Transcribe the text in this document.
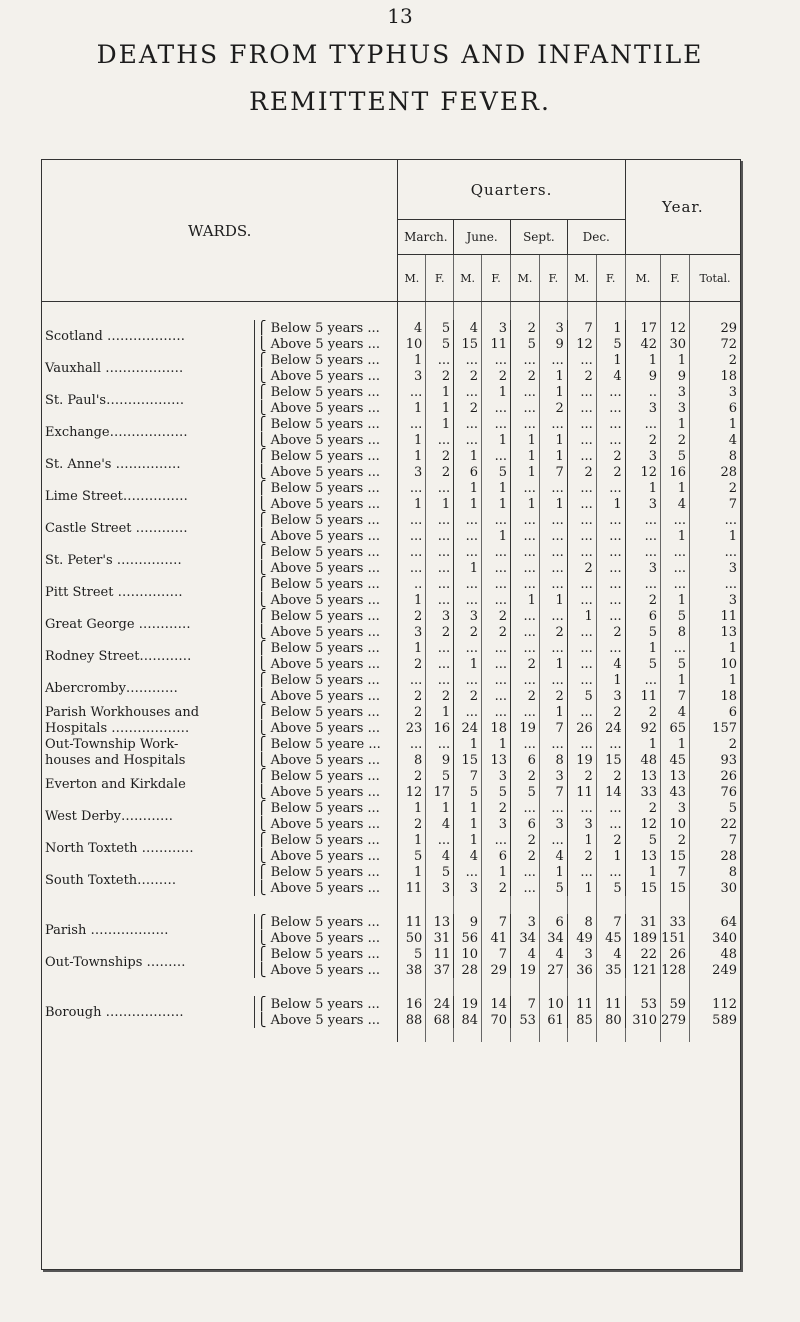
13
DEATHS FROM TYPHUS AND INFANTILE
REMITTENT FEVER.
WARDS.		Quarters.								Year.		
		March.		June.		Sept.		Dec.				
		M.	F.	M.	F.	M.	F.	M.	F.	M.	F.	Total.

Scotland ………………	⎧ Below 5 years ...	4	5	4	3	2	3	7	1	17	12	29
	⎩ Above 5 years ...	10	5	15	11	5	9	12	5	42	30	72
Vauxhall ………………	⎧ Below 5 years ...	1	...	...	...	...	...	...	1	1	1	2
	⎩ Above 5 years ...	3	2	2	2	2	1	2	4	9	9	18
St. Paul's………………	⎧ Below 5 years ...	...	1	...	1	...	1	...	...	..	3	3
	⎩ Above 5 years ...	1	1	2	...	...	2	...	...	3	3	6
Exchange………………	⎧ Below 5 years ...	...	1	...	...	...	...	...	...	...	1	1
	⎩ Above 5 years ...	1	...	...	1	1	1	...	...	2	2	4
St. Anne's ……………	⎧ Below 5 years ...	1	2	1	...	1	1	...	2	3	5	8
	⎩ Above 5 years ...	3	2	6	5	1	7	2	2	12	16	28
Lime Street……………	⎧ Below 5 years ...	...	...	1	1	...	...	...	...	1	1	2
	⎩ Above 5 years ...	1	1	1	1	1	1	...	1	3	4	7
Castle Street …………	⎧ Below 5 years ...	...	...	...	...	...	...	...	...	...	...	...
	⎩ Above 5 years ...	...	...	...	1	...	...	...	...	...	1	1
St. Peter's ……………	⎧ Below 5 years ...	...	...	...	...	...	...	...	...	...	...	...
	⎩ Above 5 years ...	...	...	1	...	...	...	2	...	3	...	3
Pitt Street ……………	⎧ Below 5 years ...	..	...	...	...	...	...	...	...	...	...	...
	⎩ Above 5 years ...	1	...	...	...	1	1	...	...	2	1	3
Great George …………	⎧ Below 5 years ...	2	3	3	2	...	...	1	...	6	5	11
	⎩ Above 5 years ...	3	2	2	2	...	2	...	2	5	8	13
Rodney Street…………	⎧ Below 5 years ...	1	...	...	...	...	...	...	...	1	...	1
	⎩ Above 5 years ...	2	...	1	...	2	1	...	4	5	5	10
Abercromby…………	⎧ Below 5 years ...	...	...	...	...	...	...	...	1	...	1	1
	⎩ Above 5 years ...	2	2	2	...	2	2	5	3	11	7	18
Parish Workhouses and	⎧ Below 5 years ...	2	1	...	...	...	1	...	2	2	4	6
Hospitals ………………	⎩ Above 5 years ...	23	16	24	18	19	7	26	24	92	65	157
Out-Township Work-	⎧ Below 5 yeare ...	...	...	1	1	...	...	...	...	1	1	2
houses and Hospitals	⎩ Above 5 years ...	8	9	15	13	6	8	19	15	48	45	93
Everton and Kirkdale	⎧ Below 5 years ...	2	5	7	3	2	3	2	2	13	13	26
	⎩ Above 5 years ...	12	17	5	5	5	7	11	14	33	43	76
West Derby…………	⎧ Below 5 years ...	1	1	1	2	...	...	...	...	2	3	5
	⎩ Above 5 years ...	2	4	1	3	6	3	3	...	12	10	22
North Toxteth …………	⎧ Below 5 years ...	1	...	1	...	2	...	1	2	5	2	7
	⎩ Above 5 years ...	5	4	4	6	2	4	2	1	13	15	28
South Toxteth………	⎧ Below 5 years ...	1	5	...	1	...	1	...	...	1	7	8
	⎩ Above 5 years ...	11	3	3	2	...	5	1	5	15	15	30

Parish ………………	⎧ Below 5 years ...	11	13	9	7	3	6	8	7	31	33	64
	⎩ Above 5 years ...	50	31	56	41	34	34	49	45	189	151	340
Out-Townships ………	⎧ Below 5 years ...	5	11	10	7	4	4	3	4	22	26	48
	⎩ Above 5 years ...	38	37	28	29	19	27	36	35	121	128	249

Borough ………………	⎧ Below 5 years ...	16	24	19	14	7	10	11	11	53	59	112
	⎩ Above 5 years ...	88	68	84	70	53	61	85	80	310	279	589
